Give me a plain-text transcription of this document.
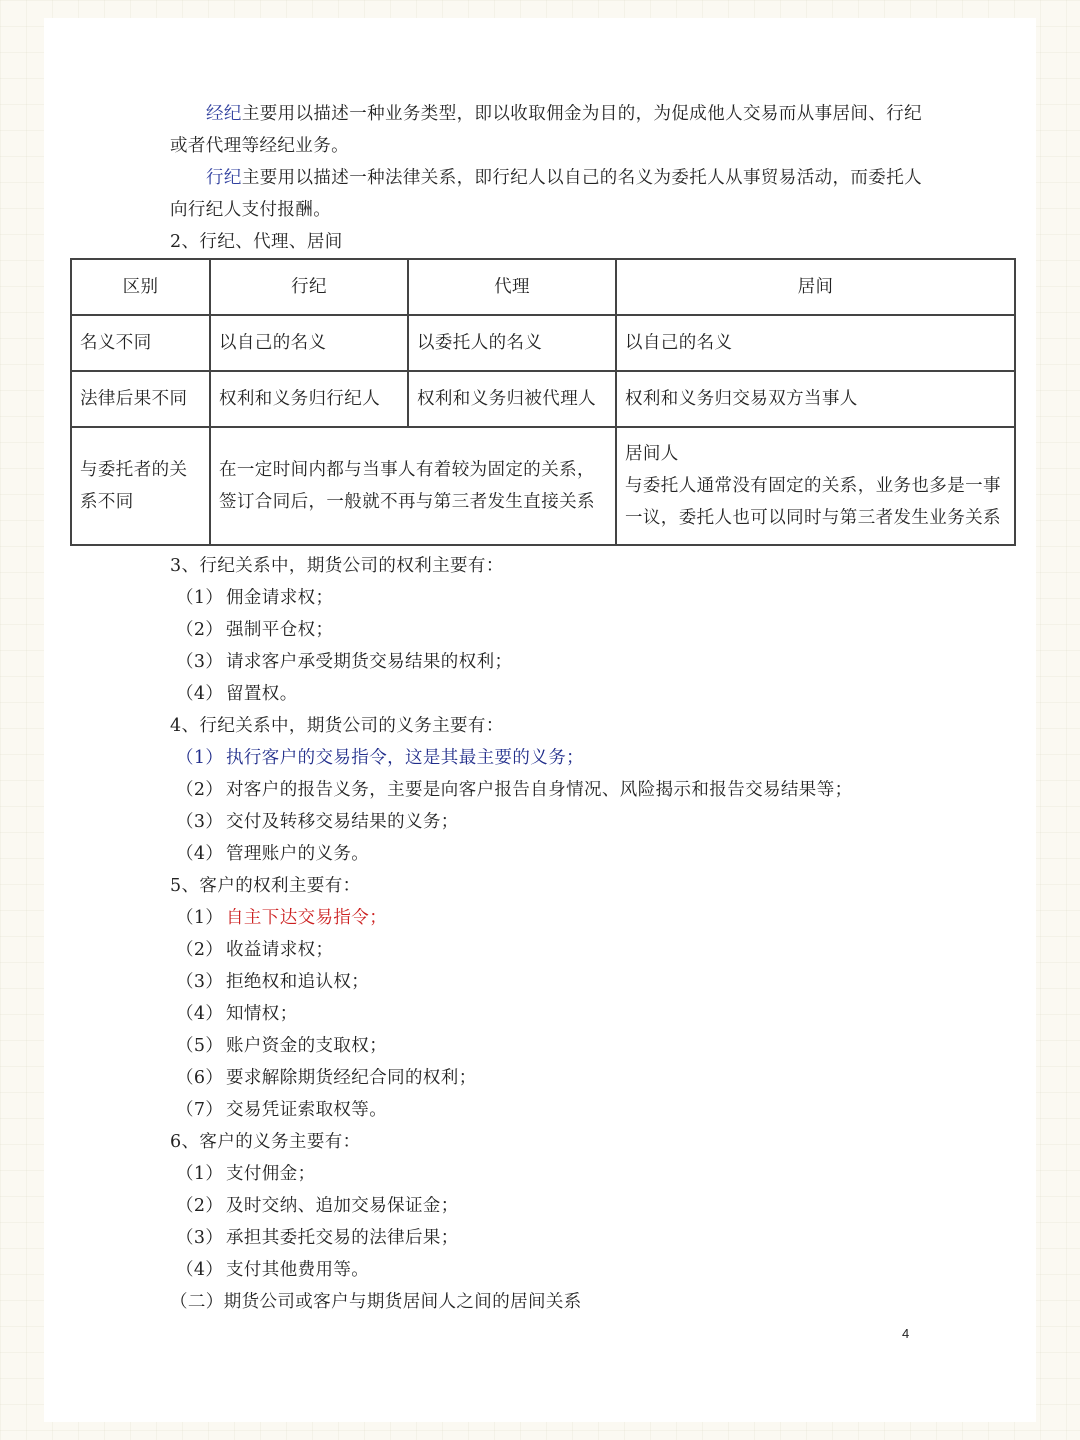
经纪主要用以描述一种业务类型，即以收取佣金为目的，为促成他人交易而从事居间、行纪或者代理等经纪业务。

行纪主要用以描述一种法律关系，即行纪人以自己的名义为委托人从事贸易活动，而委托人向行纪人支付报酬。

2、行纪、代理、居间

区别	行纪	代理	居间
名义不同	以自己的名义	以委托人的名义	以自己的名义
法律后果不同	权利和义务归行纪人	权利和义务归被代理人	权利和义务归交易双方当事人
与委托者的关系不同	在一定时间内都与当事人有着较为固定的关系，签订合同后，一般就不再与第三者发生直接关系		居间人
与委托人通常没有固定的关系，业务也多是一事一议，委托人也可以同时与第三者发生业务关系

3、行纪关系中，期货公司的权利主要有：

（1） 佣金请求权；
（2） 强制平仓权；
（3） 请求客户承受期货交易结果的权利；
（4） 留置权。

4、行纪关系中，期货公司的义务主要有：

（1） 执行客户的交易指令，这是其最主要的义务；
（2） 对客户的报告义务，主要是向客户报告自身情况、风险揭示和报告交易结果等；
（3） 交付及转移交易结果的义务；
（4） 管理账户的义务。

5、客户的权利主要有：

（1） 自主下达交易指令；
（2） 收益请求权；
（3） 拒绝权和追认权；
（4） 知情权；
（5） 账户资金的支取权；
（6） 要求解除期货经纪合同的权利；
（7） 交易凭证索取权等。

6、客户的义务主要有：

（1） 支付佣金；
（2） 及时交纳、追加交易保证金；
（3） 承担其委托交易的法律后果；
（4） 支付其他费用等。

（二）期货公司或客户与期货居间人之间的居间关系

4
